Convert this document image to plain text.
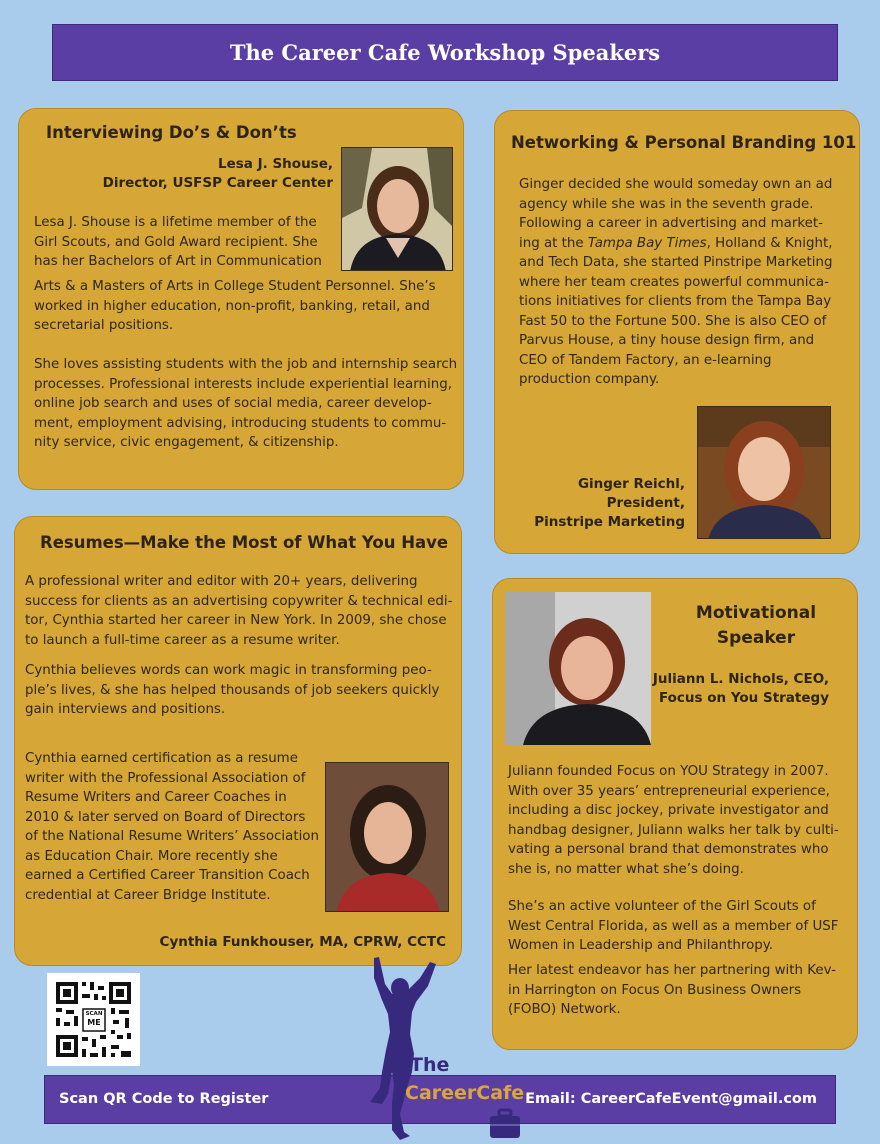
The Career Cafe Workshop Speakers
Interviewing Do’s & Don’ts
Lesa J. Shouse,
Director, USFSP Career Center

Lesa J. Shouse is a lifetime member of the

Girl Scouts, and Gold Award recipient. She

has her Bachelors of Art in Communication

Arts & a Masters of Arts in College Student Personnel. She’s

worked in higher education, non-profit, banking, retail, and

secretarial positions.

She loves assisting students with the job and internship search

processes. Professional interests include experiential learning,

online job search and uses of social media, career develop-

ment, employment advising, introducing students to commu-

nity service, civic engagement, & citizenship.

Networking & Personal Branding 101

Ginger decided she would someday own an ad

agency while she was in the seventh grade.

Following a career in advertising and market-

ing at the Tampa Bay Times, Holland & Knight,

and Tech Data, she started Pinstripe Marketing

where her team creates powerful communica-

tions initiatives for clients from the Tampa Bay

Fast 50 to the Fortune 500. She is also CEO of

Parvus House, a tiny house design firm, and

CEO of Tandem Factory, an e-learning

production company.

Ginger Reichl,
President,
Pinstripe Marketing
Resumes—Make the Most of What You Have

A professional writer and editor with 20+ years, delivering

success for clients as an advertising copywriter & technical edi-

tor, Cynthia started her career in New York. In 2009, she chose

to launch a full-time career as a resume writer.

Cynthia believes words can work magic in transforming peo-

ple’s lives, & she has helped thousands of job seekers quickly

gain interviews and positions.

Cynthia earned certification as a resume

writer with the Professional Association of

Resume Writers and Career Coaches in

2010 & later served on Board of Directors

of the National Resume Writers’ Association

as Education Chair. More recently she

earned a Certified Career Transition Coach

credential at Career Bridge Institute.

Cynthia Funkhouser, MA, CPRW, CCTC
Motivational
Speaker
Juliann L. Nichols, CEO,
Focus on You Strategy

Juliann founded Focus on YOU Strategy in 2007.

With over 35 years’ entrepreneurial experience,

including a disc jockey, private investigator and

handbag designer, Juliann walks her talk by culti-

vating a personal brand that demonstrates who

she is, no matter what she’s doing.

She’s an active volunteer of the Girl Scouts of

West Central Florida, as well as a member of USF

Women in Leadership and Philanthropy.

Her latest endeavor has her partnering with Kev-

in Harrington on Focus On Business Owners

(FOBO) Network.

SCAN
ME
Scan QR Code to Register	Email: CareerCafeEvent@gmail.com
The
CareerCafe
